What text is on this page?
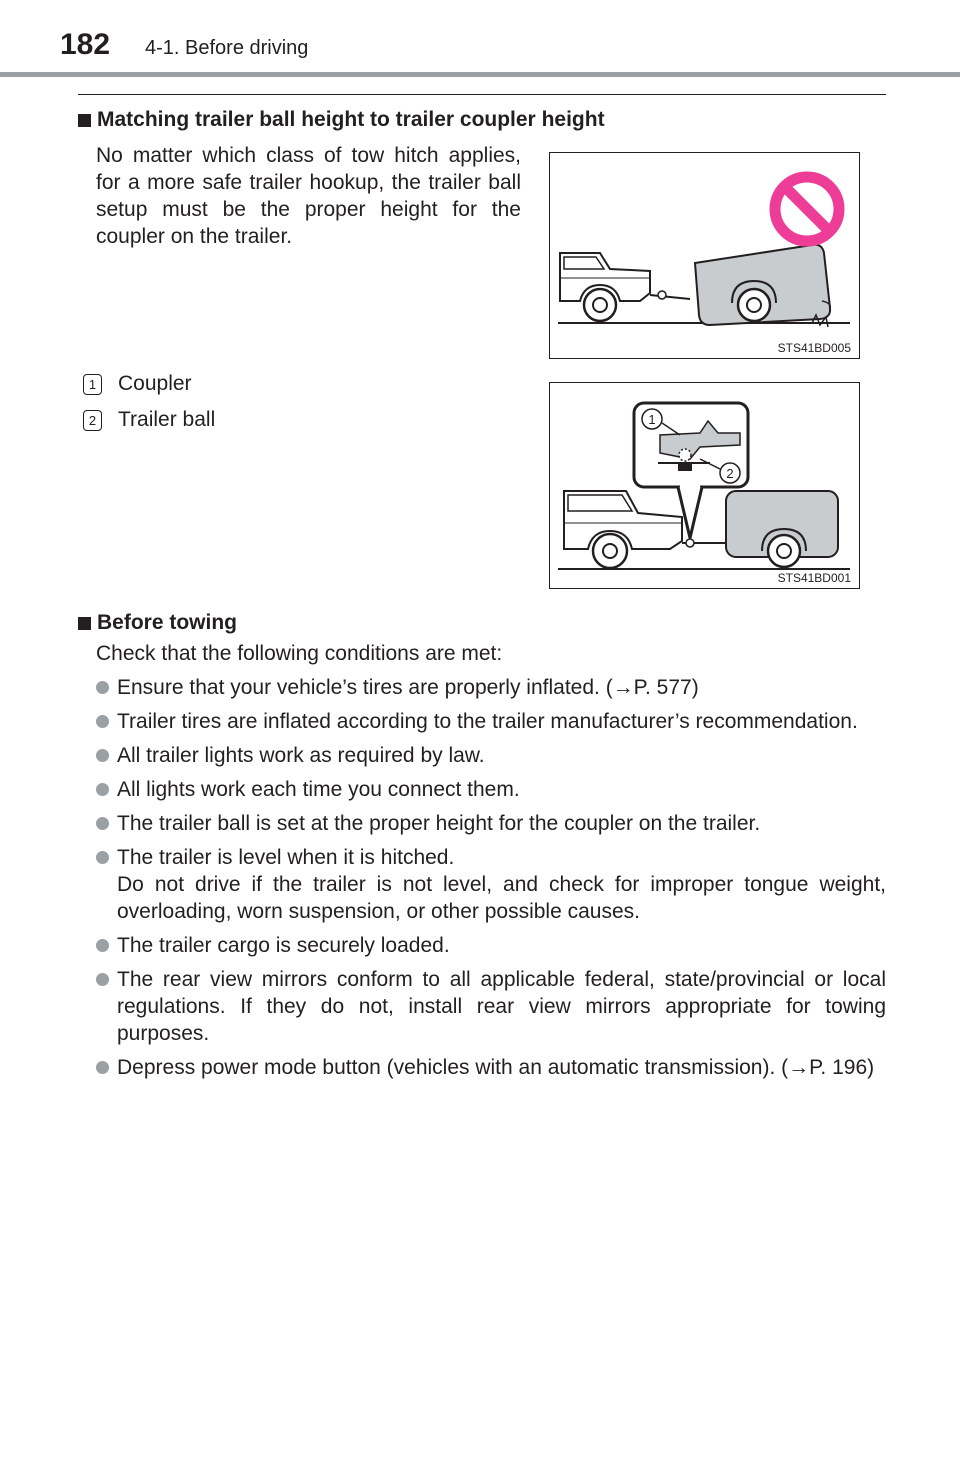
182 4-1. Before driving
Matching trailer ball height to trailer coupler height
No matter which class of tow hitch applies, for a more safe trailer hookup, the trailer ball setup must be the proper height for the coupler on the trailer.
STS41BD005
1 Coupler
2 Trailer ball	1
2
STS41BD001
Before towing
Check that the following conditions are met:
Ensure that your vehicle’s tires are properly inflated. (→P. 577)
Trailer tires are inflated according to the trailer manufacturer’s recommendation.
All trailer lights work as required by law.
All lights work each time you connect them.
The trailer ball is set at the proper height for the coupler on the trailer.
The trailer is level when it is hitched.
Do not drive if the trailer is not level, and check for improper tongue weight, overloading, worn suspension, or other possible causes.
The trailer cargo is securely loaded.
The rear view mirrors conform to all applicable federal, state/provincial or local regulations. If they do not, install rear view mirrors appropriate for towing purposes.
Depress power mode button (vehicles with an automatic transmission). (→P. 196)
